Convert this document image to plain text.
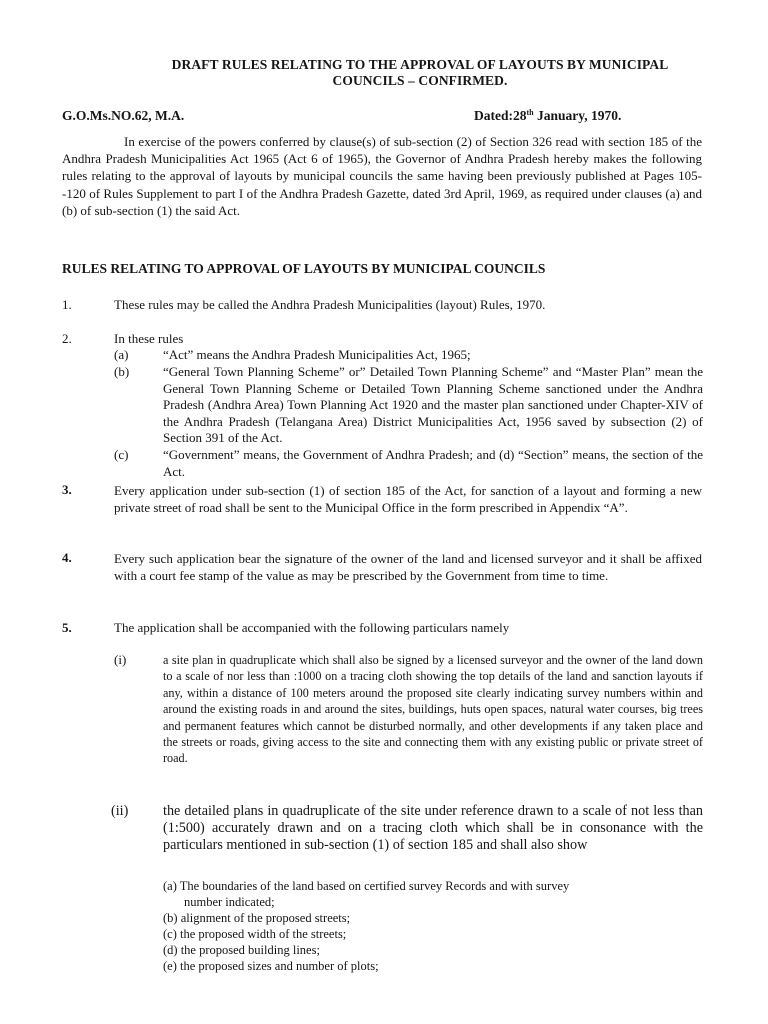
DRAFT RULES RELATING TO THE APPROVAL OF LAYOUTS BY MUNICIPAL
COUNCILS – CONFIRMED.
G.O.Ms.NO.62, M.A.	Dated:28th January, 1970.
In exercise of the powers conferred by clause(s) of sub-section (2) of Section 326 read with section 185 of the Andhra Pradesh Municipalities Act 1965 (Act 6 of 1965), the Governor of Andhra Pradesh hereby makes the following rules relating to the approval of layouts by municipal councils the same having been previously published at Pages 105--120 of Rules Supplement to part I of the Andhra Pradesh Gazette, dated 3rd April, 1969, as required under clauses (a) and (b) of sub-section (1) the said Act.
RULES RELATING TO APPROVAL OF LAYOUTS BY MUNICIPAL COUNCILS
1.	These rules may be called the Andhra Pradesh Municipalities (layout) Rules, 1970.
2.	In these rules
(a)	“Act” means the Andhra Pradesh Municipalities Act, 1965;
(b)	“General Town Planning Scheme” or” Detailed Town Planning Scheme” and “Master Plan” mean the General Town Planning Scheme or Detailed Town Planning Scheme sanctioned under the Andhra Pradesh (Andhra Area) Town Planning Act 1920 and the master plan sanctioned under Chapter-XIV of the Andhra Pradesh (Telangana Area) District Municipalities Act, 1956 saved by subsection (2) of Section 391 of the Act.
(c)	“Government” means, the Government of Andhra Pradesh; and (d) “Section” means, the section of the Act.
3.	Every application under sub-section (1) of section 185 of the Act, for sanction of a layout and forming a new private street of road shall be sent to the Municipal Office in the form prescribed in Appendix “A”.
4.	Every such application bear the signature of the owner of the land and licensed surveyor and it shall be affixed with a court fee stamp of the value as may be prescribed by the Government from time to time.
5.	The application shall be accompanied with the following particulars namely
(i)	a site plan in quadruplicate which shall also be signed by a licensed surveyor and the owner of the land down to a scale of nor less than :1000 on a tracing cloth showing the top details of the land and sanction layouts if any, within a distance of 100 meters around the proposed site clearly indicating survey numbers within and around the existing roads in and around the sites, buildings, huts open spaces, natural water courses, big trees and permanent features which cannot be disturbed normally, and other developments if any taken place and the streets or roads, giving access to the site and connecting them with any existing public or private street of road.
(ii) the detailed plans in quadruplicate of the site under reference drawn to a scale of not less than (1:500) accurately drawn and on a tracing cloth which shall be in consonance with the particulars mentioned in sub-section (1) of section 185 and shall also show
(a) The boundaries of the land based on certified survey Records and with survey
number indicated;
(b) alignment of the proposed streets;
(c) the proposed width of the streets;
(d) the proposed building lines;
(e) the proposed sizes and number of plots;
